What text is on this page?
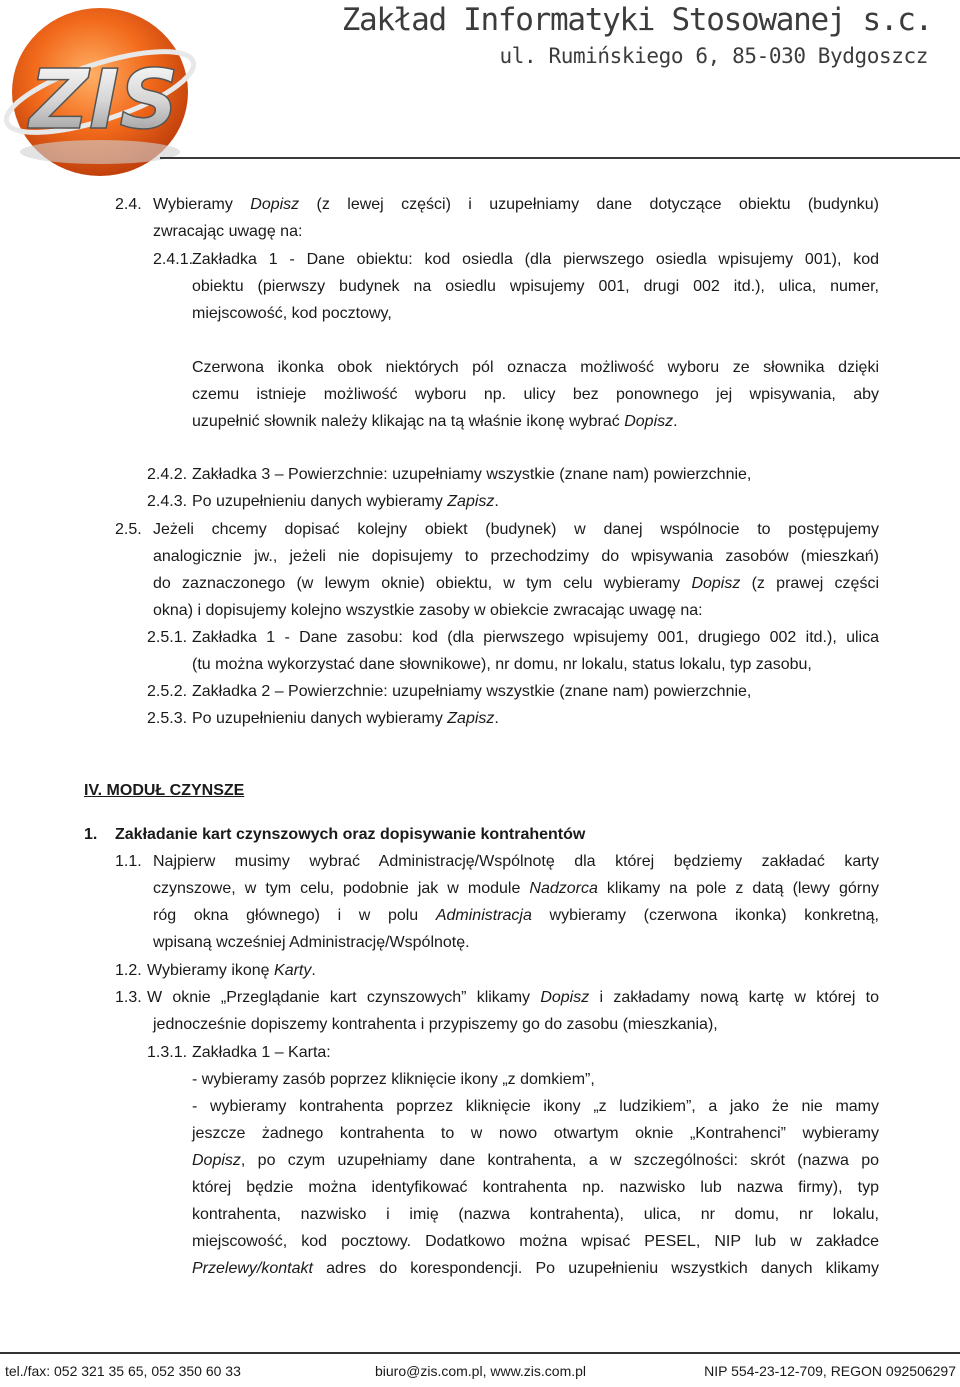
ZIS
Zakład Informatyki Stosowanej s.c.

ul. Rumińskiego 6, 85-030 Bydgoszcz

2.4. Wybieramy Dopisz (z lewej części) i uzupełniamy dane dotyczące obiektu (budynku)

zwracając uwagę na:

2.4.1.

Zakładka 1 - Dane obiektu: kod osiedla (dla pierwszego osiedla wpisujemy 001), kod

obiektu (pierwszy budynek na osiedlu wpisujemy 001, drugi 002 itd.), ulica, numer,

miejscowość, kod pocztowy,

Czerwona ikonka obok niektórych pól oznacza możliwość wyboru ze słownika dzięki

czemu istnieje możliwość wyboru np. ulicy bez ponownego jej wpisywania, aby

uzupełnić słownik należy klikając na tą właśnie ikonę wybrać Dopisz.

2.4.2. Zakładka 3 – Powierzchnie: uzupełniamy wszystkie (znane nam) powierzchnie,

2.4.3. Po uzupełnieniu danych wybieramy Zapisz.

2.5. Jeżeli chcemy dopisać kolejny obiekt (budynek) w danej wspólnocie to postępujemy

analogicznie jw., jeżeli nie dopisujemy to przechodzimy do wpisywania zasobów (mieszkań)

do zaznaczonego (w lewym oknie) obiektu, w tym celu wybieramy Dopisz (z prawej części

okna) i dopisujemy kolejno wszystkie zasoby w obiekcie zwracając uwagę na:

2.5.1. Zakładka 1 - Dane zasobu: kod (dla pierwszego wpisujemy 001, drugiego 002 itd.), ulica

(tu można wykorzystać dane słownikowe), nr domu, nr lokalu, status lokalu, typ zasobu,

2.5.2. Zakładka 2 – Powierzchnie: uzupełniamy wszystkie (znane nam) powierzchnie,

2.5.3. Po uzupełnieniu danych wybieramy Zapisz.

IV. MODUŁ CZYNSZE

1. Zakładanie kart czynszowych oraz dopisywanie kontrahentów

1.1. Najpierw musimy wybrać Administrację/Wspólnotę dla której będziemy zakładać karty

czynszowe, w tym celu, podobnie jak w module Nadzorca klikamy na pole z datą (lewy górny

róg okna głównego) i w polu Administracja wybieramy (czerwona ikonka) konkretną,

wpisaną wcześniej Administrację/Wspólnotę.

1.2. Wybieramy ikonę Karty.

1.3. W oknie „Przeglądanie kart czynszowych” klikamy Dopisz i zakładamy nową kartę w której to

jednocześnie dopiszemy kontrahenta i przypiszemy go do zasobu (mieszkania),

1.3.1. Zakładka 1 – Karta:

- wybieramy zasób poprzez kliknięcie ikony „z domkiem”,

- wybieramy kontrahenta poprzez kliknięcie ikony „z ludzikiem”, a jako że nie mamy

jeszcze żadnego kontrahenta to w nowo otwartym oknie „Kontrahenci” wybieramy

Dopisz, po czym uzupełniamy dane kontrahenta, a w szczególności: skrót (nazwa po

której będzie można identyfikować kontrahenta np. nazwisko lub nazwa firmy), typ

kontrahenta, nazwisko i imię (nazwa kontrahenta), ulica, nr domu, nr lokalu,

miejscowość, kod pocztowy. Dodatkowo można wpisać PESEL, NIP lub w zakładce

Przelewy/kontakt adres do korespondencji. Po uzupełnieniu wszystkich danych klikamy

tel./fax: 052 321 35 65, 052 350 60 33	biuro@zis.com.pl, www.zis.com.pl	NIP 554-23-12-709, REGON 092506297
